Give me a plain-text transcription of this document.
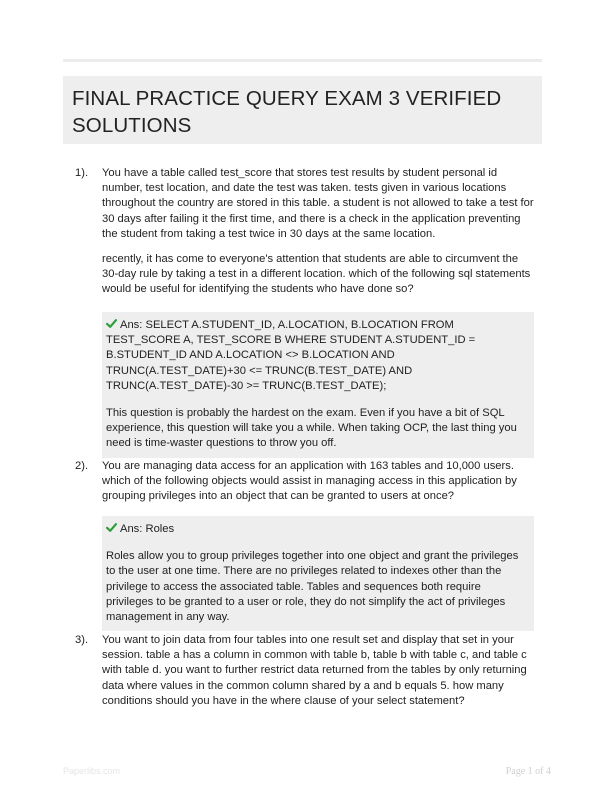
FINAL PRACTICE QUERY EXAM 3 VERIFIED SOLUTIONS
1). You have a table called test_score that stores test results by student personal id number, test location, and date the test was taken. tests given in various locations throughout the country are stored in this table. a student is not allowed to take a test for 30 days after failing it the first time, and there is a check in the application preventing the student from taking a test twice in 30 days at the same location.

recently, it has come to everyone's attention that students are able to circumvent the 30-day rule by taking a test in a different location. which of the following sql statements would be useful for identifying the students who have done so?

Ans: SELECT A.STUDENT_ID, A.LOCATION, B.LOCATION FROM TEST_SCORE A, TEST_SCORE B WHERE STUDENT A.STUDENT_ID = B.STUDENT_ID AND A.LOCATION <> B.LOCATION AND TRUNC(A.TEST_DATE)+30 <= TRUNC(B.TEST_DATE) AND TRUNC(A.TEST_DATE)-30 >= TRUNC(B.TEST_DATE);

This question is probably the hardest on the exam. Even if you have a bit of SQL experience, this question will take you a while. When taking OCP, the last thing you need is time-waster questions to throw you off.

2). You are managing data access for an application with 163 tables and 10,000 users. which of the following objects would assist in managing access in this application by grouping privileges into an object that can be granted to users at once?

Ans: Roles

Roles allow you to group privileges together into one object and grant the privileges to the user at one time. There are no privileges related to indexes other than the privilege to access the associated table. Tables and sequences both require privileges to be granted to a user or role, they do not simplify the act of privileges management in any way.

3). You want to join data from four tables into one result set and display that set in your session. table a has a column in common with table b, table b with table c, and table c with table d. you want to further restrict data returned from the tables by only returning data where values in the common column shared by a and b equals 5. how many conditions should you have in the where clause of your select statement?

Paperlibs.com	Page 1 of 4
